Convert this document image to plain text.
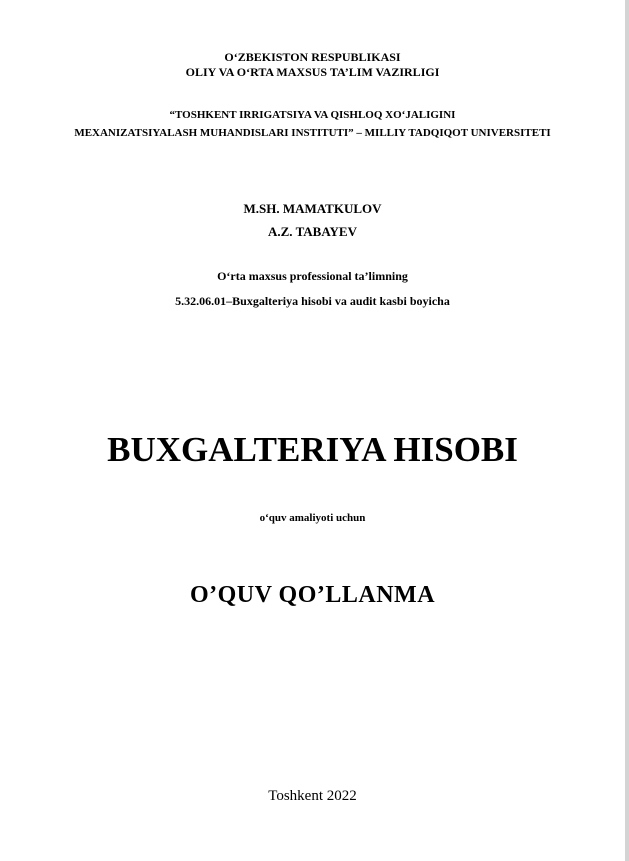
O‘ZBEKISTON RESPUBLIKASI
OLIY VA O‘RTA MAXSUS TA’LIM VAZIRLIGI
“TOSHKENT IRRIGATSIYA VA QISHLOQ XO‘JALIGINI
MEXANIZATSIYALASH MUHANDISLARI INSTITUTI” – MILLIY TADQIQOT UNIVERSITETI
M.SH. MAMATKULOV
A.Z. TABAYEV
O‘rta maxsus professional ta’limning
5.32.06.01–Buxgalteriya hisobi va audit kasbi boyicha
BUXGALTERIYA HISOBI
o‘quv amaliyoti uchun
O’QUV QO’LLANMA
Toshkent 2022
